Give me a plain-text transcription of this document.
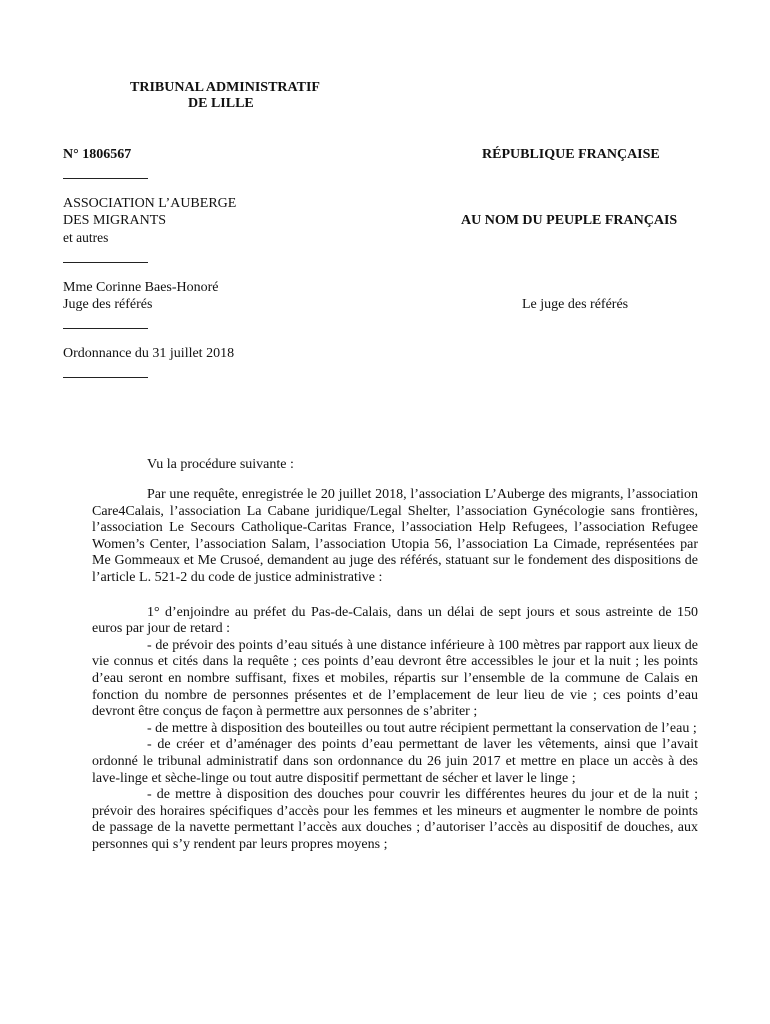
TRIBUNAL ADMINISTRATIF
DE LILLE
N° 1806567	RÉPUBLIQUE FRANÇAISE
ASSOCIATION L’AUBERGE
DES MIGRANTS	AU NOM DU PEUPLE FRANÇAIS
et autres
Mme Corinne Baes-Honoré
Juge des référés	Le juge des référés
Ordonnance du 31 juillet 2018
Vu la procédure suivante :

Par une requête, enregistrée le 20 juillet 2018, l’association L’Auberge des migrants, l’association Care4Calais, l’association La Cabane juridique/Legal Shelter, l’association Gynécologie sans frontières, l’association Le Secours Catholique-Caritas France, l’association Help Refugees, l’association Refugee Women’s Center, l’association Salam, l’association Utopia 56, l’association La Cimade, représentées par Me Gommeaux et Me Crusoé, demandent au juge des référés, statuant sur le fondement des dispositions de l’article L. 521-2 du code de justice administrative :

1° d’enjoindre au préfet du Pas-de-Calais, dans un délai de sept jours et sous astreinte de 150 euros par jour de retard :

- de prévoir des points d’eau situés à une distance inférieure à 100 mètres par rapport aux lieux de vie connus et cités dans la requête ; ces points d’eau devront être accessibles le jour et la nuit ; les points d’eau seront en nombre suffisant, fixes et mobiles, répartis sur l’ensemble de la commune de Calais en fonction du nombre de personnes présentes et de l’emplacement de leur lieu de vie ; ces points d’eau devront être conçus de façon à permettre aux personnes de s’abriter ;

- de mettre à disposition des bouteilles ou tout autre récipient permettant la conservation de l’eau ;

- de créer et d’aménager des points d’eau permettant de laver les vêtements, ainsi que l’avait ordonné le tribunal administratif dans son ordonnance du 26 juin 2017 et mettre en place un accès à des lave-linge et sèche-linge ou tout autre dispositif permettant de sécher et laver le linge ;

- de mettre à disposition des douches pour couvrir les différentes heures du jour et de la nuit ; prévoir des horaires spécifiques d’accès pour les femmes et les mineurs et augmenter le nombre de points de passage de la navette permettant l’accès aux douches ; d’autoriser l’accès au dispositif de douches, aux personnes qui s’y rendent par leurs propres moyens ;
